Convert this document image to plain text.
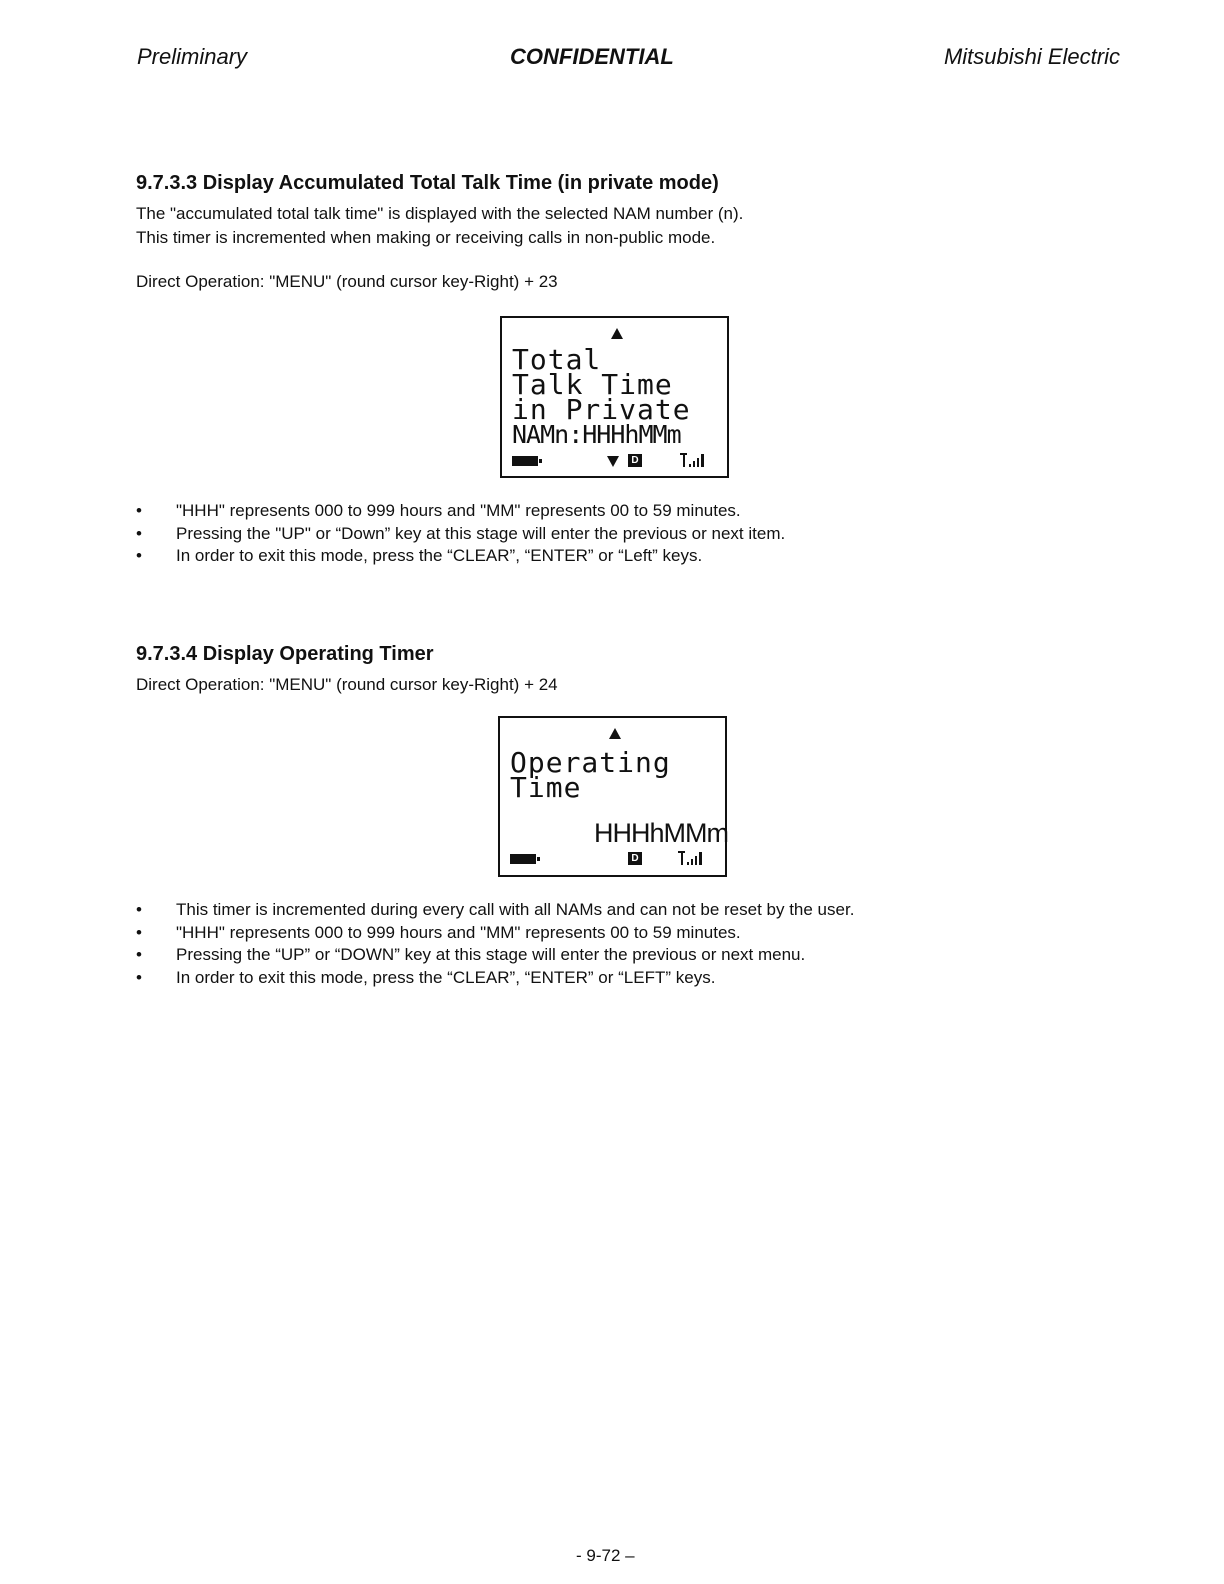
Preliminary	CONFIDENTIAL	Mitsubishi Electric
9.7.3.3 Display Accumulated Total Talk Time (in private mode)

The "accumulated total talk time" is displayed with the selected NAM number (n).

This timer is incremented when making or receiving calls in non-public mode.

Direct Operation: "MENU" (round cursor key-Right) + 23

Total
Talk Time
in Private
NAMn:HHHhMMm
D
• "HHH" represents 000 to 999 hours and "MM" represents 00 to 59 minutes.
• Pressing the "UP" or “Down” key at this stage will enter the previous or next item.
• In order to exit this mode, press the “CLEAR”, “ENTER” or “Left” keys.
9.7.3.4 Display Operating Timer

Direct Operation: "MENU" (round cursor key-Right) + 24

Operating
Time
HHHhMMm
D
• This timer is incremented during every call with all NAMs and can not be reset by the user.
• "HHH" represents 000 to 999 hours and "MM" represents 00 to 59 minutes.
• Pressing the “UP” or “DOWN” key at this stage will enter the previous or next menu.
• In order to exit this mode, press the “CLEAR”, “ENTER” or “LEFT” keys.
- 9-72 –
